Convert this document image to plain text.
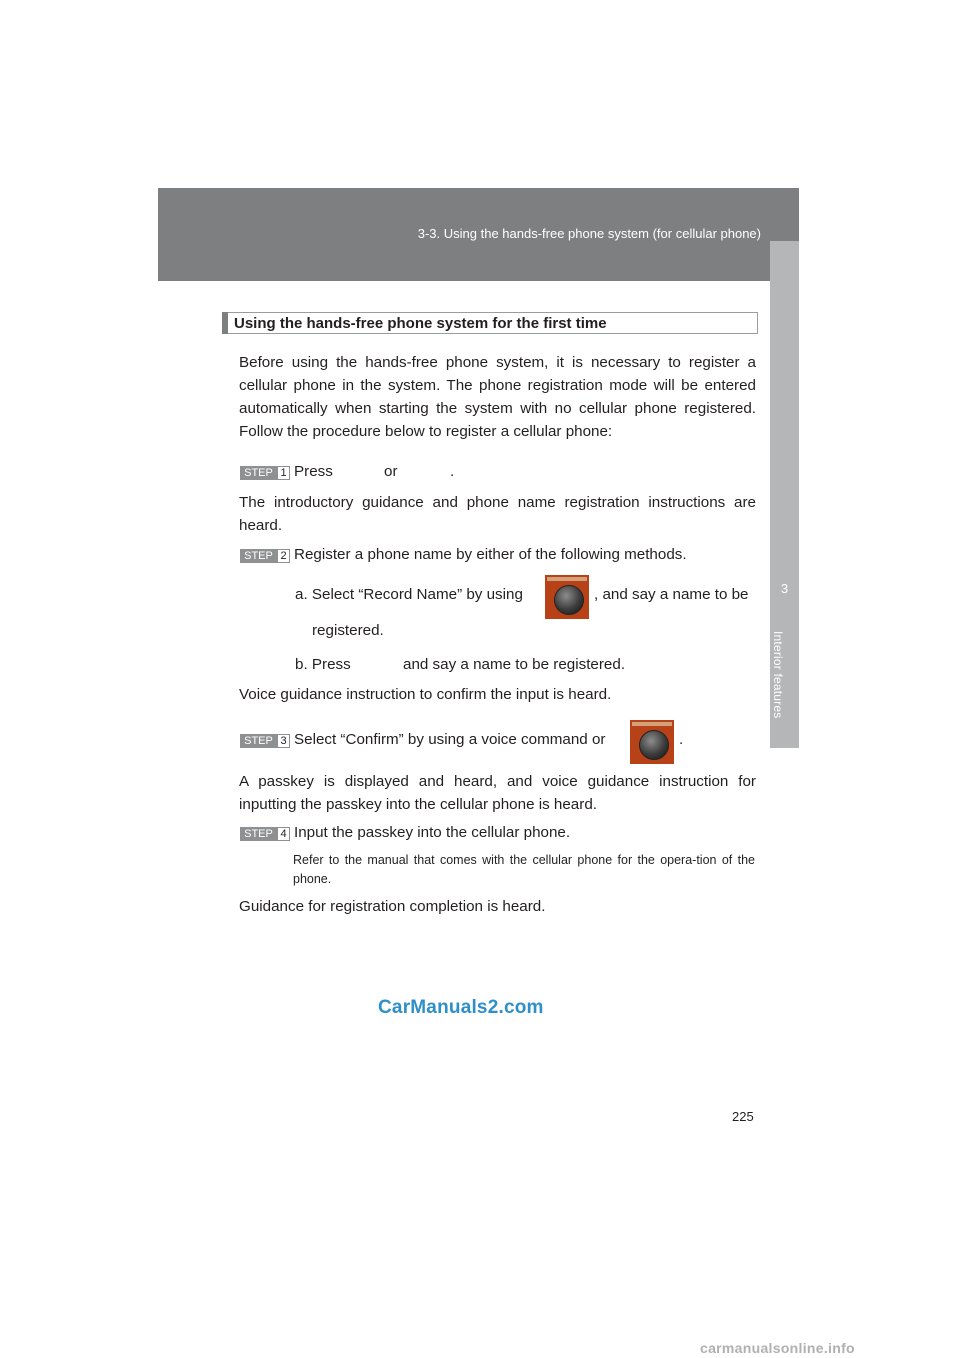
3-3. Using the hands-free phone system (for cellular phone)
3
Interior features
Using the hands-free phone system for the first time
Before using the hands-free phone system, it is necessary to register a cellular phone in the system. The phone registration mode will be entered automatically when starting the system with no cellular phone registered. Follow the procedure below to register a cellular phone:
STEP 1 Press	or	.
The introductory guidance and phone name registration instructions are heard.
STEP 2 Register a phone name by either of the following methods.
a. Select “Record Name” by using	, and say a name to be
registered.
b. Press	and say a name to be registered.
Voice guidance instruction to confirm the input is heard.
STEP 3 Select “Confirm” by using a voice command or	.
A passkey is displayed and heard, and voice guidance instruction for inputting the passkey into the cellular phone is heard.
STEP 4 Input the passkey into the cellular phone.
Refer to the manual that comes with the cellular phone for the opera-tion of the phone.
Guidance for registration completion is heard.
CarManuals2.com
225
carmanualsonline.info
